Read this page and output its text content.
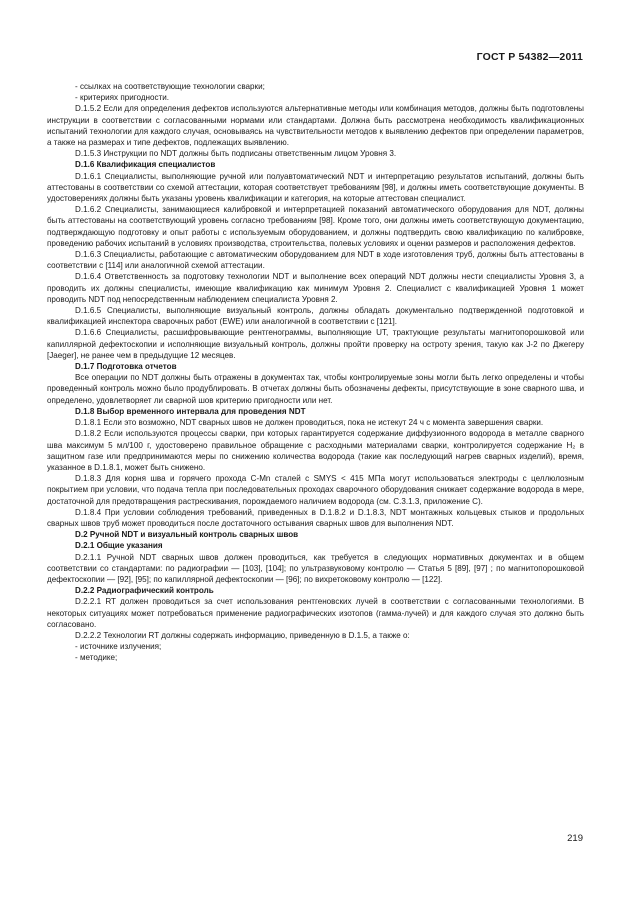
ГОСТ Р 54382—2011

- ссылках на соответствующие технологии сварки;

- критериях пригодности.

D.1.5.2 Если для определения дефектов используются альтернативные методы или комбинация методов, должны быть подготовлены инструкции в соответствии с согласованными нормами или стандартами. Должна быть рассмотрена необходимость квалификационных испытаний технологии для каждого случая, основываясь на чувствительности методов к выявлению дефектов при определении параметров, а также на размерах и типе дефектов, подлежащих выявлению.

D.1.5.3 Инструкции по NDT должны быть подписаны ответственным лицом Уровня 3.

D.1.6 Квалификация специалистов

D.1.6.1 Специалисты, выполняющие ручной или полуавтоматический NDT и интерпретацию результатов испытаний, должны быть аттестованы в соответствии со схемой аттестации, которая соответствует требованиям [98], и должны иметь соответствующие документы. В удостоверениях должны быть указаны уровень квалификации и категория, на которые аттестован специалист.

D.1.6.2 Специалисты, занимающиеся калибровкой и интерпретацией показаний автоматического оборудования для NDT, должны быть аттестованы на соответствующий уровень согласно требованиям [98]. Кроме того, они должны иметь соответствующую документацию, подтверждающую подготовку и опыт работы с используемым оборудованием, и должны подтвердить свою квалификацию по калибровке, проведению рабочих испытаний в условиях производства, строительства, полевых условиях и оценки размеров и расположения дефектов.

D.1.6.3 Специалисты, работающие с автоматическим оборудованием для NDT в ходе изготовления труб, должны быть аттестованы в соответствии с [114] или аналогичной схемой аттестации.

D.1.6.4 Ответственность за подготовку технологии NDT и выполнение всех операций NDT должны нести специалисты Уровня 3, а проводить их должны специалисты, имеющие квалификацию как минимум Уровня 2. Специалист с квалификацией Уровня 1 может проводить NDT под непосредственным наблюдением специалиста Уровня 2.

D.1.6.5 Специалисты, выполняющие визуальный контроль, должны обладать документально подтвержденной подготовкой и квалификацией инспектора сварочных работ (EWE) или аналогичной в соответствии с [121].

D.1.6.6 Специалисты, расшифровывающие рентгенограммы, выполняющие UT, трактующие результаты магнитопорошковой или капиллярной дефектоскопии и исполняющие визуальный контроль, должны пройти проверку на остроту зрения, такую как J-2 по Джегеру [Jaeger], не ранее чем в предыдущие 12 месяцев.

D.1.7 Подготовка отчетов

Все операции по NDT должны быть отражены в документах так, чтобы контролируемые зоны могли быть легко определены и чтобы проведенный контроль можно было продублировать. В отчетах должны быть обозначены дефекты, присутствующие в зоне сварного шва, и определено, удовлетворяет ли сварной шов критерию пригодности или нет.

D.1.8 Выбор временного интервала для проведения NDT

D.1.8.1 Если это возможно, NDT сварных швов не должен проводиться, пока не истекут 24 ч с момента завершения сварки.

D.1.8.2 Если используются процессы сварки, при которых гарантируется содержание диффузионного водорода в металле сварного шва максимум 5 мл/100 г, удостоверено правильное обращение с расходными материалами сварки, контролируется содержание H₂ в защитном газе или предпринимаются меры по снижению количества водорода (такие как последующий нагрев сварных изделий), время, указанное в D.1.8.1, может быть снижено.

D.1.8.3 Для корня шва и горячего прохода C-Mn сталей с SMYS < 415 МПа могут использоваться электроды с целлюлозным покрытием при условии, что подача тепла при последовательных проходах сварочного оборудования снижает содержание водорода в мере, достаточной для предотвращения растрескивания, порождаемого наличием водорода (см. C.3.1.3, приложение C).

D.1.8.4 При условии соблюдения требований, приведенных в D.1.8.2 и D.1.8.3, NDT монтажных кольцевых стыков и продольных сварных швов труб может проводиться после достаточного остывания сварных швов для выполнения NDT.

D.2 Ручной NDT и визуальный контроль сварных швов

D.2.1 Общие указания

D.2.1.1 Ручной NDT сварных швов должен проводиться, как требуется в следующих нормативных документах и в общем соответствии со стандартами: по радиографии — [103], [104]; по ультразвуковому контролю — Статья 5 [89], [97] ; по магнитопорошковой дефектоскопии — [92], [95]; по капиллярной дефектоскопии — [96]; по вихретоковому контролю — [122].

D.2.2 Радиографический контроль

D.2.2.1 RT должен проводиться за счет использования рентгеновских лучей в соответствии с согласованными технологиями. В некоторых ситуациях может потребоваться применение радиографических изотопов (гамма-лучей) и для каждого случая это должно быть согласовано.

D.2.2.2 Технологии RT должны содержать информацию, приведенную в D.1.5, а также о:

- источнике излучения;

- методике;

219
